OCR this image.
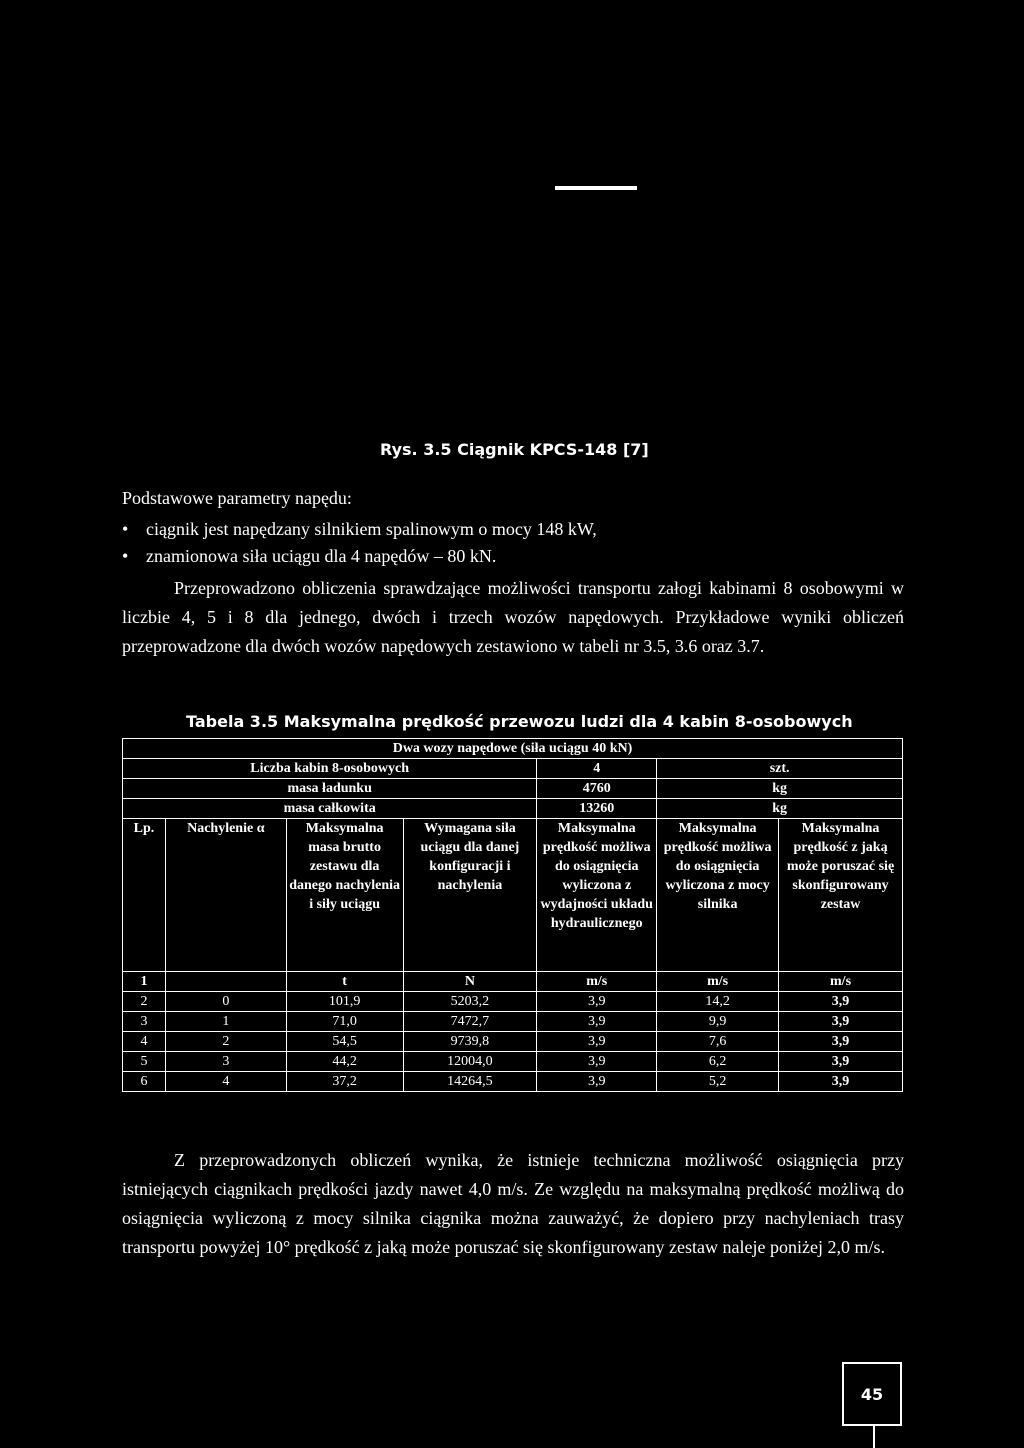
Rys. 3.5 Ciągnik KPCS-148 [7]
Podstawowe parametry napędu:
• ciągnik jest napędzany silnikiem spalinowym o mocy 148 kW,
• znamionowa siła uciągu dla 4 napędów – 80 kN.

Przeprowadzono obliczenia sprawdzające możliwości transportu załogi kabinami 8 osobowymi w liczbie 4, 5 i 8 dla jednego, dwóch i trzech wozów napędowych. Przykładowe wyniki obliczeń przeprowadzone dla dwóch wozów napędowych zestawiono w tabeli nr 3.5, 3.6 oraz 3.7.

Tabela 3.5 Maksymalna prędkość przewozu ludzi dla 4 kabin 8-osobowych
Dwa wozy napędowe (siła uciągu 40 kN)						
Liczba kabin 8-osobowych				4	szt.	
masa ładunku				4760	kg	
masa całkowita				13260	kg	
Lp.	Nachylenie α	Maksymalna masa brutto zestawu dla danego nachylenia i siły uciągu	Wymagana siła uciągu dla danej konfiguracji i nachylenia	Maksymalna prędkość możliwa do osiągnięcia wyliczona z wydajności układu hydraulicznego	Maksymalna prędkość możliwa do osiągnięcia wyliczona z mocy silnika	Maksymalna prędkość z jaką może poruszać się skonfigurowany zestaw
1		t	N	m/s	m/s	m/s
2	0	101,9	5203,2	3,9	14,2	3,9
3	1	71,0	7472,7	3,9	9,9	3,9
4	2	54,5	9739,8	3,9	7,6	3,9
5	3	44,2	12004,0	3,9	6,2	3,9
6	4	37,2	14264,5	3,9	5,2	3,9

Z przeprowadzonych obliczeń wynika, że istnieje techniczna możliwość osiągnięcia przy istniejących ciągnikach prędkości jazdy nawet 4,0 m/s. Ze względu na maksymalną prędkość możliwą do osiągnięcia wyliczoną z mocy silnika ciągnika można zauważyć, że dopiero przy nachyleniach trasy transportu powyżej 10° prędkość z jaką może poruszać się skonfigurowany zestaw naleje poniżej 2,0 m/s.

45
